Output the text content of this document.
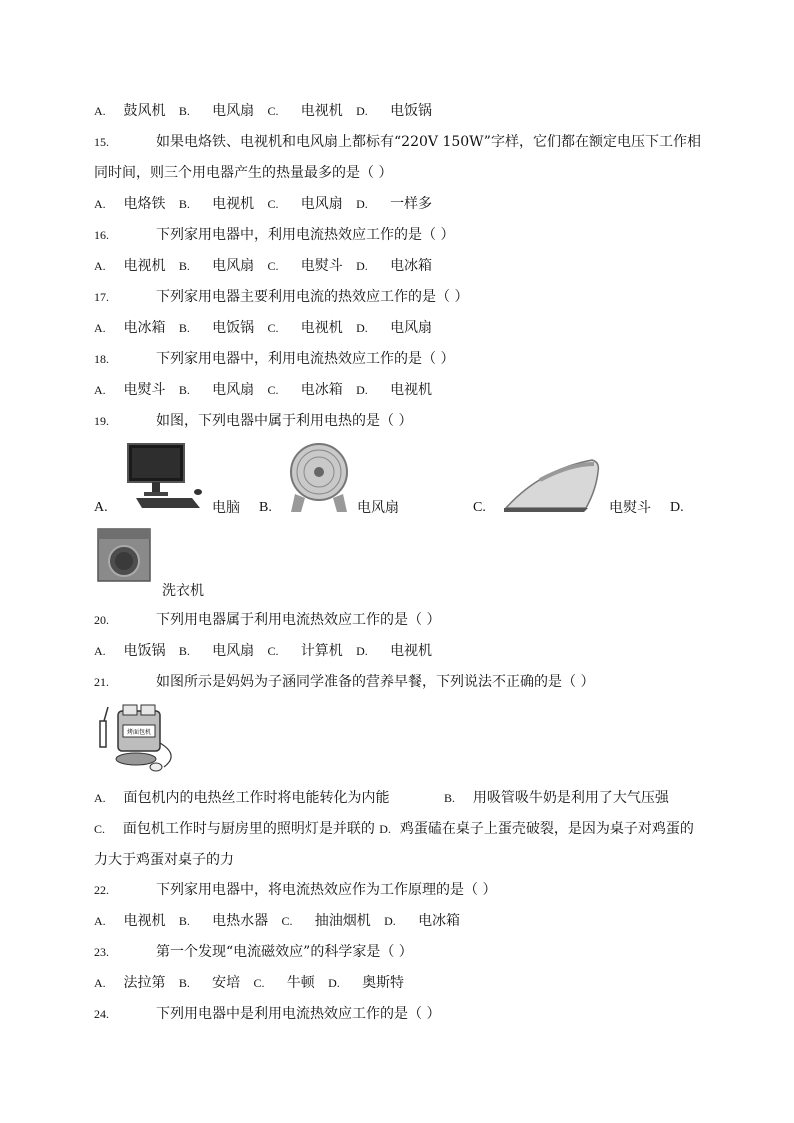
A. 鼓风机 B. 电风扇 C. 电视机 D. 电饭锅
15.	如果电烙铁、电视机和电风扇上都标有“220V 150W”字样，它们都在额定电压下工作相
同时间，则三个用电器产生的热量最多的是（ ）
A. 电烙铁 B. 电视机 C. 电风扇 D. 一样多
16.	下列家用电器中，利用电流热效应工作的是（ ）
A. 电视机 B. 电风扇 C. 电熨斗 D. 电冰箱
17.	下列家用电器主要利用电流的热效应工作的是（ ）
A. 电冰箱 B. 电饭锅 C. 电视机 D. 电风扇
18.	下列家用电器中，利用电流热效应工作的是（ ）
A. 电熨斗 B. 电风扇 C. 电冰箱 D. 电视机
19.	如图，下列电器中属于利用电热的是（ ）
A.	电脑 B.	电风扇	C.	电熨斗 D.
洗衣机
20.	下列用电器属于利用电流热效应工作的是（ ）
A. 电饭锅 B. 电风扇 C. 计算机 D. 电视机
21.	如图所示是妈妈为子涵同学准备的营养早餐，下列说法不正确的是（ ）
烤面包机
A. 面包机内的电热丝工作时将电能转化为内能	B. 用吸管吸牛奶是利用了大气压强
C. 面包机工作时与厨房里的照明灯是并联的 D. 鸡蛋磕在桌子上蛋壳破裂，是因为桌子对鸡蛋的
力大于鸡蛋对桌子的力
22.	下列家用电器中，将电流热效应作为工作原理的是（ ）
A. 电视机 B. 电热水器 C. 抽油烟机 D. 电冰箱
23.	第一个发现“电流磁效应”的科学家是（ ）
A. 法拉第 B. 安培 C. 牛顿 D. 奥斯特
24.	下列用电器中是利用电流热效应工作的是（ ）
